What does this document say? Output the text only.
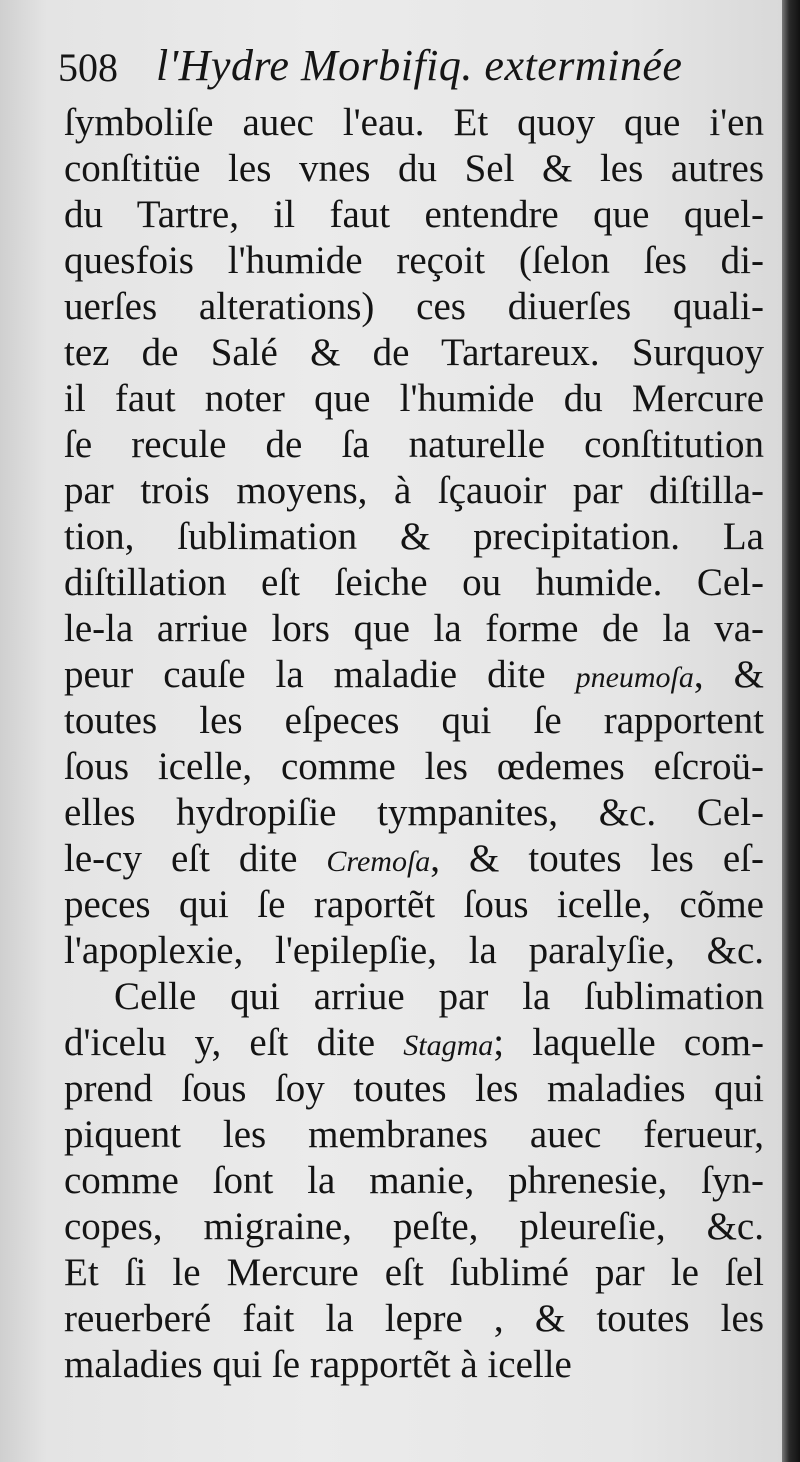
508 l'Hydre Morbifiq. exterminée
ſymboliſe auec l'eau. Et quoy que i'en
conſtitüe les vnes du Sel & les autres
du Tartre, il faut entendre que quel-
quesfois l'humide reçoit (ſelon ſes di-
uerſes alterations) ces diuerſes quali-
tez de Salé & de Tartareux. Surquoy
il faut noter que l'humide du Mercure
ſe recule de ſa naturelle conſtitution
par trois moyens, à ſçauoir par diſtilla-
tion, ſublimation & precipitation. La
diſtillation eſt ſeiche ou humide. Cel-
le-la arriue lors que la forme de la va-
peur cauſe la maladie dite pneumoſa, &
toutes les eſpeces qui ſe rapportent
ſous icelle, comme les œdemes eſcroü-
elles hydropiſie tympanites, &c. Cel-
le-cy eſt dite Cremoſa, & toutes les eſ-
peces qui ſe raportẽt ſous icelle, cõme
l'apoplexie, l'epilepſie, la paralyſie, &c.
Celle qui arriue par la ſublimation
d'icelu y, eſt dite Stagma; laquelle com-
prend ſous ſoy toutes les maladies qui
piquent les membranes auec ferueur,
comme ſont la manie, phrenesie, ſyn-
copes, migraine, peſte, pleureſie, &c.
Et ſi le Mercure eſt ſublimé par le ſel
reuerberé fait la lepre , & toutes les
maladies qui ſe rapportẽt à icelle
